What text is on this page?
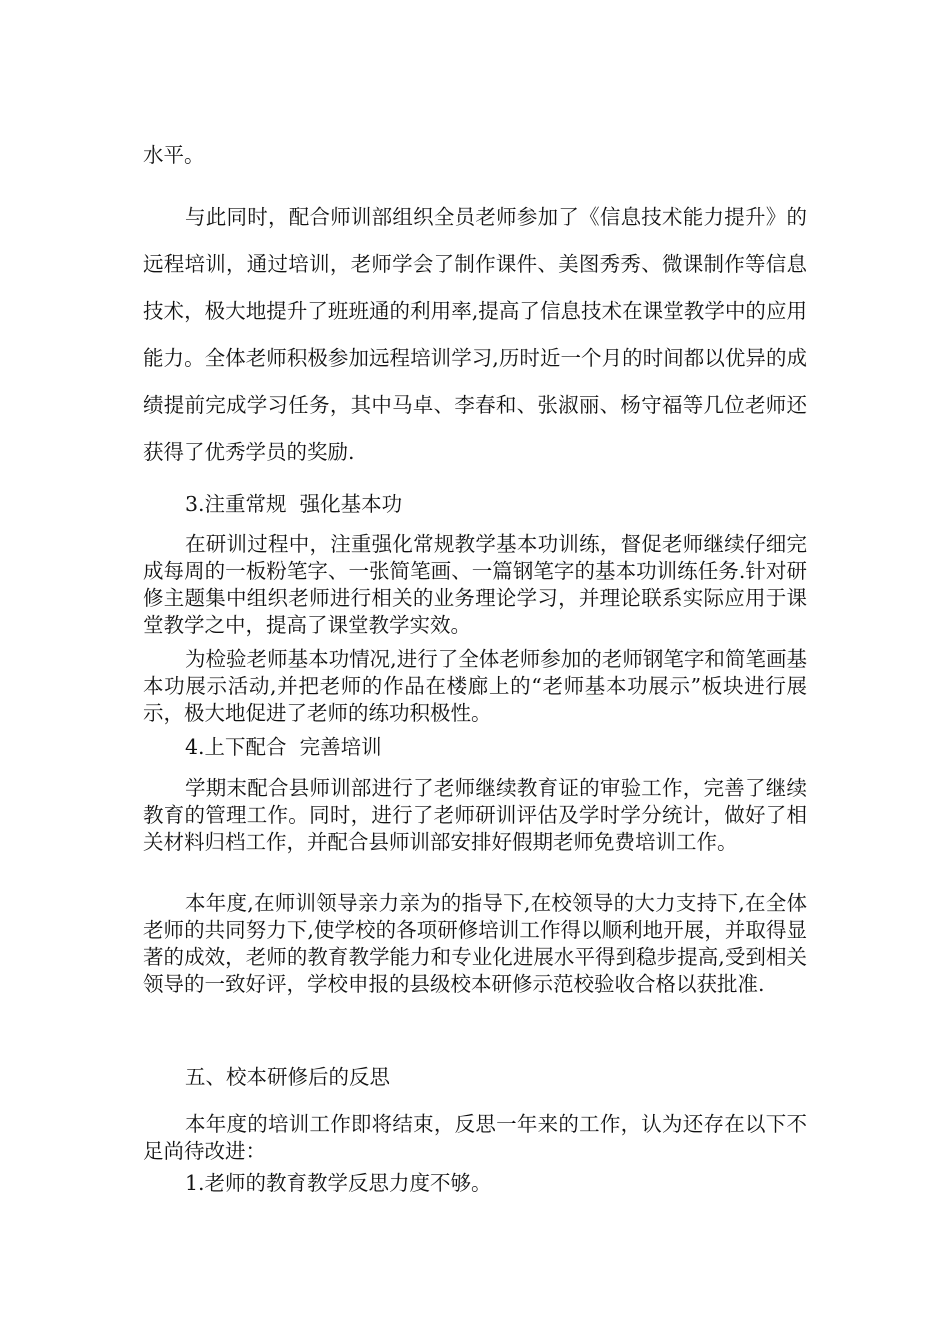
水平。

与此同时，配合师训部组织全员老师参加了《信息技术能力提升》的远程培训，通过培训，老师学会了制作课件、美图秀秀、微课制作等信息技术，极大地提升了班班通的利用率,提高了信息技术在课堂教学中的应用能力。全体老师积极参加远程培训学习,历时近一个月的时间都以优异的成绩提前完成学习任务，其中马卓、李春和、张淑丽、杨守福等几位老师还获得了优秀学员的奖励.

3.注重常规  强化基本功

在研训过程中，注重强化常规教学基本功训练，督促老师继续仔细完成每周的一板粉笔字、一张简笔画、一篇钢笔字的基本功训练任务.针对研修主题集中组织老师进行相关的业务理论学习，并理论联系实际应用于课堂教学之中，提高了课堂教学实效。

为检验老师基本功情况,进行了全体老师参加的老师钢笔字和简笔画基本功展示活动,并把老师的作品在楼廊上的“老师基本功展示”板块进行展示，极大地促进了老师的练功积极性。

4.上下配合  完善培训

学期末配合县师训部进行了老师继续教育证的审验工作，完善了继续教育的管理工作。同时，进行了老师研训评估及学时学分统计，做好了相关材料归档工作，并配合县师训部安排好假期老师免费培训工作。

本年度,在师训领导亲力亲为的指导下,在校领导的大力支持下,在全体老师的共同努力下,使学校的各项研修培训工作得以顺利地开展，并取得显著的成效，老师的教育教学能力和专业化进展水平得到稳步提高,受到相关领导的一致好评，学校申报的县级校本研修示范校验收合格以获批准.

五、校本研修后的反思

本年度的培训工作即将结束，反思一年来的工作，认为还存在以下不足尚待改进：

1.老师的教育教学反思力度不够。
